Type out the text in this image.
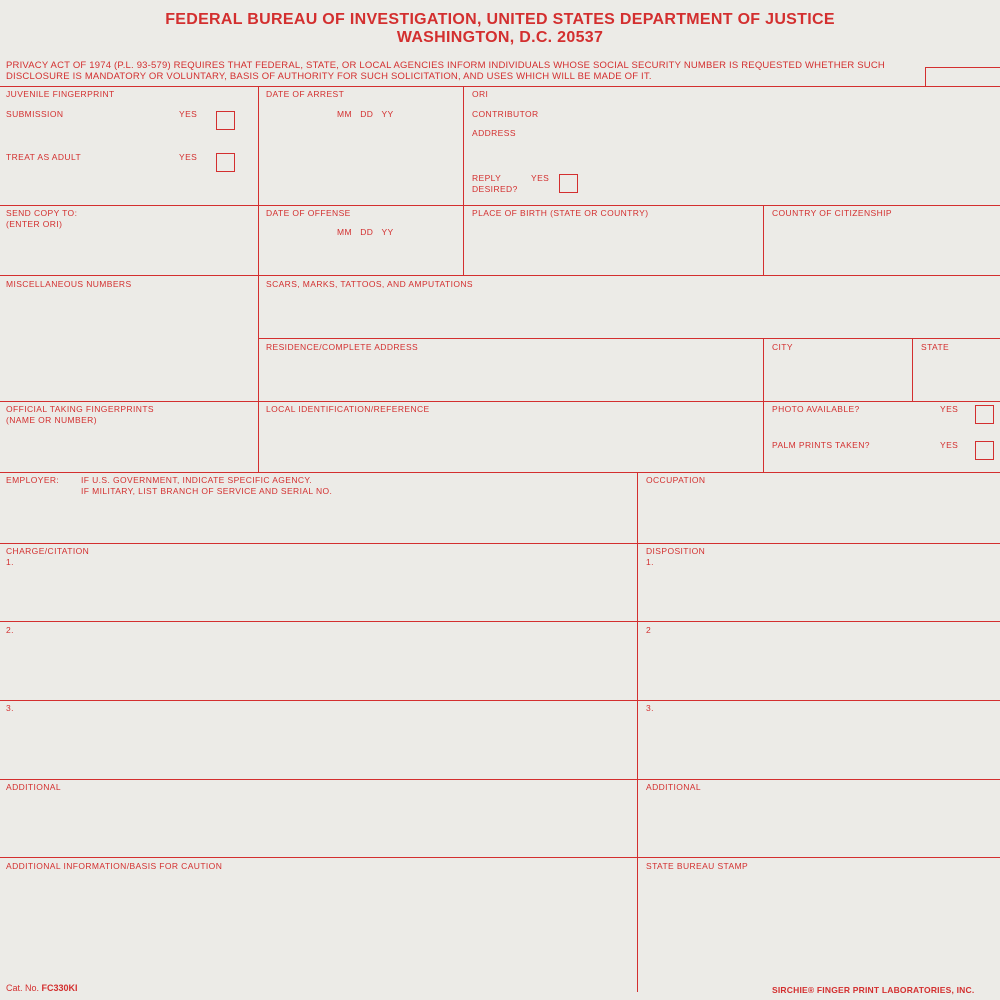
FEDERAL BUREAU OF INVESTIGATION, UNITED STATES DEPARTMENT OF JUSTICE
WASHINGTON, D.C. 20537
PRIVACY ACT OF 1974 (P.L. 93-579) REQUIRES THAT FEDERAL, STATE, OR LOCAL AGENCIES INFORM INDIVIDUALS WHOSE SOCIAL SECURITY NUMBER IS REQUESTED WHETHER SUCH DISCLOSURE IS MANDATORY OR VOLUNTARY, BASIS OF AUTHORITY FOR SUCH SOLICITATION, AND USES WHICH WILL BE MADE OF IT.
JUVENILE FINGERPRINT
SUBMISSION	YES
TREAT AS ADULT	YES
DATE OF ARREST
MM   DD   YY
ORI
CONTRIBUTOR
ADDRESS
REPLY
DESIRED?
YES
SEND COPY TO:
(ENTER ORI)
DATE OF OFFENSE
MM   DD   YY
PLACE OF BIRTH (STATE OR COUNTRY)	COUNTRY OF CITIZENSHIP
MISCELLANEOUS NUMBERS	SCARS, MARKS, TATTOOS, AND AMPUTATIONS
RESIDENCE/COMPLETE ADDRESS	CITY	STATE
OFFICIAL TAKING FINGERPRINTS
(NAME OR NUMBER)
LOCAL IDENTIFICATION/REFERENCE	PHOTO AVAILABLE?	YES
PALM PRINTS TAKEN?	YES
EMPLOYER:	IF U.S. GOVERNMENT, INDICATE SPECIFIC AGENCY.
IF MILITARY, LIST BRANCH OF SERVICE AND SERIAL NO.
OCCUPATION
CHARGE/CITATION
1.
DISPOSITION
1.
2.	2
3.	3.
ADDITIONAL	ADDITIONAL
ADDITIONAL INFORMATION/BASIS FOR CAUTION	STATE BUREAU STAMP
Cat. No. FC330KI	SIRCHIE® FINGER PRINT LABORATORIES, INC.
